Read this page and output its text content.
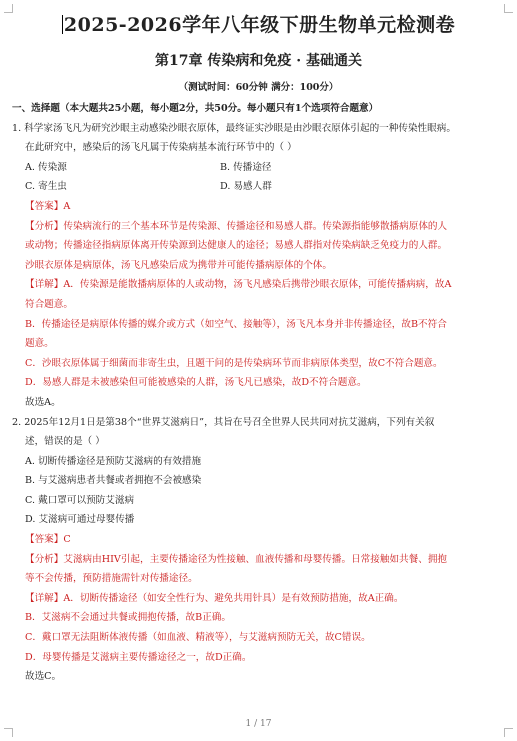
2025-2026学年八年级下册生物单元检测卷
第17章 传染病和免疫 · 基础通关
（测试时间：60分钟 满分：100分）
一、选择题（本大题共25小题，每小题2分，共50分。每小题只有1个选项符合题意）
1. 科学家汤飞凡为研究沙眼主动感染沙眼衣原体，最终证实沙眼是由沙眼衣原体引起的一种传染性眼病。
在此研究中，感染后的汤飞凡属于传染病基本流行环节中的（ ）
A. 传染源	B. 传播途径
C. 寄生虫	D. 易感人群
【答案】A
【分析】传染病流行的三个基本环节是传染源、传播途径和易感人群。传染源指能够散播病原体的人
或动物；传播途径指病原体离开传染源到达健康人的途径；易感人群指对传染病缺乏免疫力的人群。
沙眼衣原体是病原体，汤飞凡感染后成为携带并可能传播病原体的个体。
【详解】A．传染源是能散播病原体的人或动物，汤飞凡感染后携带沙眼衣原体，可能传播病病，故A
符合题意。
B．传播途径是病原体传播的媒介或方式（如空气、接触等），汤飞凡本身并非传播途径，故B不符合
题意。
C．沙眼衣原体属于细菌而非寄生虫，且题干问的是传染病环节而非病原体类型，故C不符合题意。
D．易感人群是未被感染但可能被感染的人群，汤飞凡已感染，故D不符合题意。
故选A。
2. 2025年12月1日是第38个“世界艾滋病日”，其旨在号召全世界人民共同对抗艾滋病，下列有关叙
述，错误的是（ ）
A. 切断传播途径是预防艾滋病的有效措施
B. 与艾滋病患者共餐或者拥抱不会被感染
C. 戴口罩可以预防艾滋病
D. 艾滋病可通过母婴传播
【答案】C
【分析】艾滋病由HIV引起，主要传播途径为性接触、血液传播和母婴传播。日常接触如共餐、拥抱
等不会传播，预防措施需针对传播途径。
【详解】A．切断传播途径（如安全性行为、避免共用针具）是有效预防措施，故A正确。
B．艾滋病不会通过共餐或拥抱传播，故B正确。
C．戴口罩无法阻断体液传播（如血液、精液等），与艾滋病预防无关，故C错误。
D．母婴传播是艾滋病主要传播途径之一，故D正确。
故选C。
1 / 17
